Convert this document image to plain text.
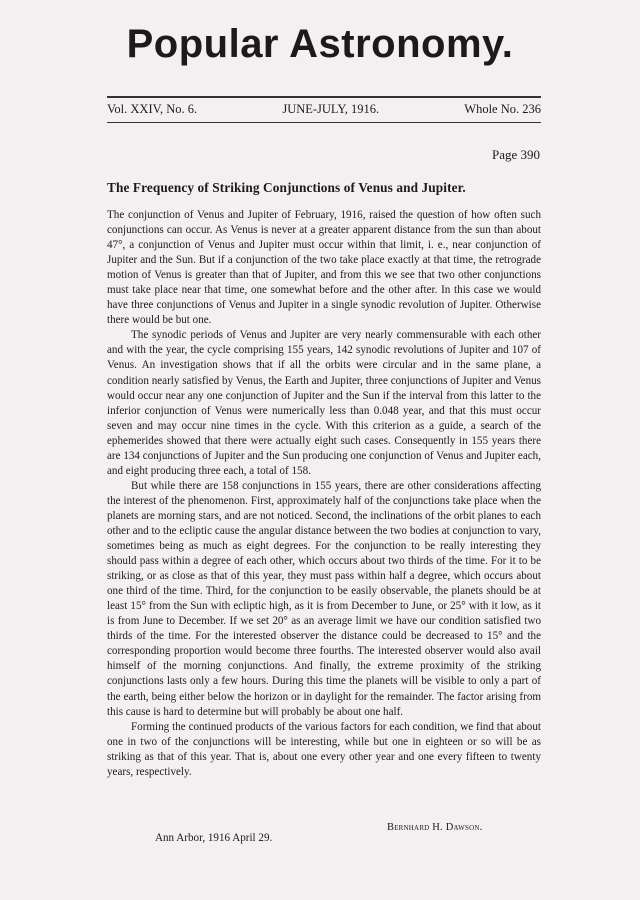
Popular Astronomy.
Vol. XXIV, No. 6.	JUNE-JULY, 1916.	Whole No. 236
Page 390
The Frequency of Striking Conjunctions of Venus and Jupiter.

The conjunction of Venus and Jupiter of February, 1916, raised the question of how often such conjunctions can occur. As Venus is never at a greater apparent distance from the sun than about 47°, a conjunction of Venus and Jupiter must occur within that limit, i. e., near conjunction of Jupiter and the Sun. But if a conjunction of the two take place exactly at that time, the retrograde motion of Venus is greater than that of Jupiter, and from this we see that two other conjunctions must take place near that time, one somewhat before and the other after. In this case we would have three conjunctions of Venus and Jupiter in a single synodic revolution of Jupiter. Otherwise there would be but one.

The synodic periods of Venus and Jupiter are very nearly commensurable with each other and with the year, the cycle comprising 155 years, 142 synodic revolutions of Jupiter and 107 of Venus. An investigation shows that if all the orbits were circular and in the same plane, a condition nearly satisfied by Venus, the Earth and Jupiter, three conjunctions of Jupiter and Venus would occur near any one conjunction of Jupiter and the Sun if the interval from this latter to the inferior conjunction of Venus were numerically less than 0.048 year, and that this must occur seven and may occur nine times in the cycle. With this criterion as a guide, a search of the ephemerides showed that there were actually eight such cases. Consequently in 155 years there are 134 conjunctions of Jupiter and the Sun producing one conjunction of Venus and Jupiter each, and eight producing three each, a total of 158.

But while there are 158 conjunctions in 155 years, there are other considerations affecting the interest of the phenomenon. First, approximately half of the conjunctions take place when the planets are morning stars, and are not noticed. Second, the inclinations of the orbit planes to each other and to the ecliptic cause the angular distance between the two bodies at conjunction to vary, sometimes being as much as eight degrees. For the conjunction to be really interesting they should pass within a degree of each other, which occurs about two thirds of the time. For it to be striking, or as close as that of this year, they must pass within half a degree, which occurs about one third of the time. Third, for the conjunction to be easily observable, the planets should be at least 15° from the Sun with ecliptic high, as it is from December to June, or 25° with it low, as it is from June to December. If we set 20° as an average limit we have our condition satisfied two thirds of the time. For the interested observer the distance could be decreased to 15° and the corresponding proportion would become three fourths. The interested observer would also avail himself of the morning conjunctions. And finally, the extreme proximity of the striking conjunctions lasts only a few hours. During this time the planets will be visible to only a part of the earth, being either below the horizon or in daylight for the remainder. The factor arising from this cause is hard to determine but will probably be about one half.

Forming the continued products of the various factors for each condition, we find that about one in two of the conjunctions will be interesting, while but one in eighteen or so will be as striking as that of this year. That is, about one every other year and one every fifteen to twenty years, respectively.

Bernhard H. Dawson.
Ann Arbor, 1916 April 29.
